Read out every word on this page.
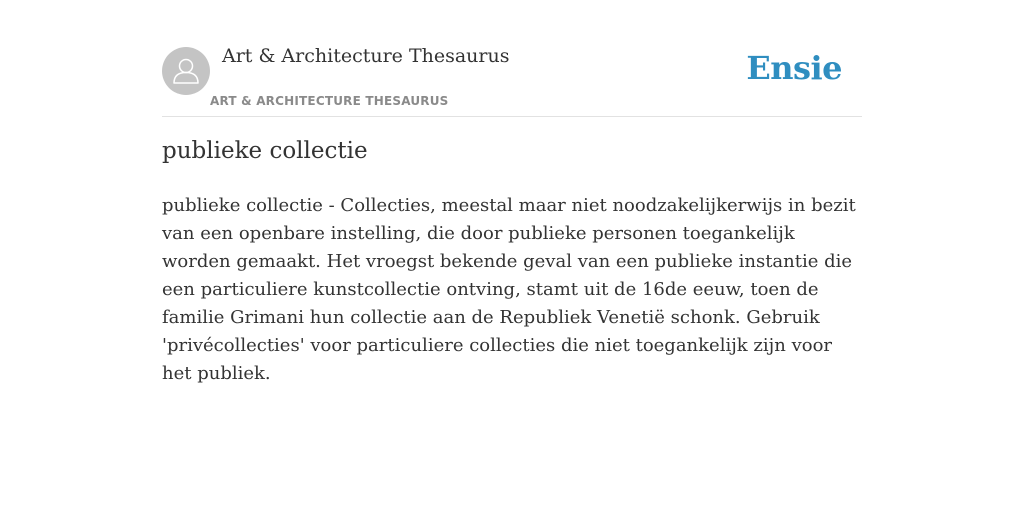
Art & Architecture Thesaurus
ART & ARCHITECTURE THESAURUS
Ensie
publieke collectie

publieke collectie - Collecties, meestal maar niet noodzakelijkerwijs in bezit van een openbare instelling, die door publieke personen toegankelijk worden gemaakt. Het vroegst bekende geval van een publieke instantie die een particuliere kunstcollectie ontving, stamt uit de 16de eeuw, toen de familie Grimani hun collectie aan de Republiek Venetië schonk. Gebruik 'privécollecties' voor particuliere collecties die niet toegankelijk zijn voor het publiek.
